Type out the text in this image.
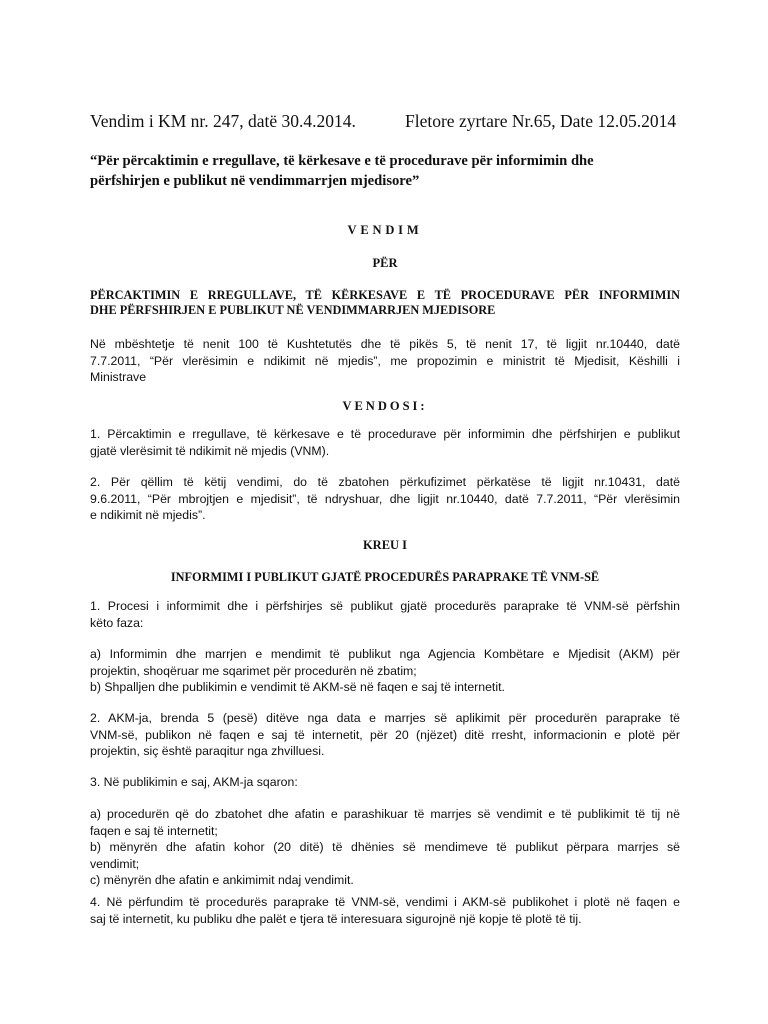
Vendim i KM nr. 247, datë 30.4.2014.	Fletore zyrtare Nr.65, Date 12.05.2014
“Për përcaktimin e rregullave, të kërkesave e të procedurave për informimin dhe
përfshirjen e publikut në vendimmarrjen mjedisore”
VENDIM
PËR
PËRCAKTIMIN E RREGULLAVE, TË KËRKESAVE E TË PROCEDURAVE PËR INFORMIMIN
DHE PËRFSHIRJEN E PUBLIKUT NË VENDIMMARRJEN MJEDISORE
Në mbështetje të nenit 100 të Kushtetutës dhe të pikës 5, të nenit 17, të ligjit nr.10440, datë
7.7.2011, “Për vlerësimin e ndikimit në mjedis”, me propozimin e ministrit të Mjedisit, Këshilli i
Ministrave
VENDOSI:
1. Përcaktimin e rregullave, të kërkesave e të procedurave për informimin dhe përfshirjen e publikut
gjatë vlerësimit të ndikimit në mjedis (VNM).
2. Për qëllim të këtij vendimi, do të zbatohen përkufizimet përkatëse të ligjit nr.10431, datë
9.6.2011, “Për mbrojtjen e mjedisit”, të ndryshuar, dhe ligjit nr.10440, datë 7.7.2011, “Për vlerësimin
e ndikimit në mjedis”.
KREU I
INFORMIMI I PUBLIKUT GJATË PROCEDURËS PARAPRAKE TË VNM-SË
1. Procesi i informimit dhe i përfshirjes së publikut gjatë procedurës paraprake të VNM-së përfshin
këto faza:
a) Informimin dhe marrjen e mendimit të publikut nga Agjencia Kombëtare e Mjedisit (AKM) për
projektin, shoqëruar me sqarimet për procedurën në zbatim;
b) Shpalljen dhe publikimin e vendimit të AKM-së në faqen e saj të internetit.
2. AKM-ja, brenda 5 (pesë) ditëve nga data e marrjes së aplikimit për procedurën paraprake të
VNM-së, publikon në faqen e saj të internetit, për 20 (njëzet) ditë rresht, informacionin e plotë për
projektin, siç është paraqitur nga zhvilluesi.
3. Në publikimin e saj, AKM-ja sqaron:
a) procedurën që do zbatohet dhe afatin e parashikuar të marrjes së vendimit e të publikimit të tij në
faqen e saj të internetit;
b) mënyrën dhe afatin kohor (20 ditë) të dhënies së mendimeve të publikut përpara marrjes së
vendimit;
c) mënyrën dhe afatin e ankimimit ndaj vendimit.
4. Në përfundim të procedurës paraprake të VNM-së, vendimi i AKM-së publikohet i plotë në faqen e
saj të internetit, ku publiku dhe palët e tjera të interesuara sigurojnë një kopje të plotë të tij.
